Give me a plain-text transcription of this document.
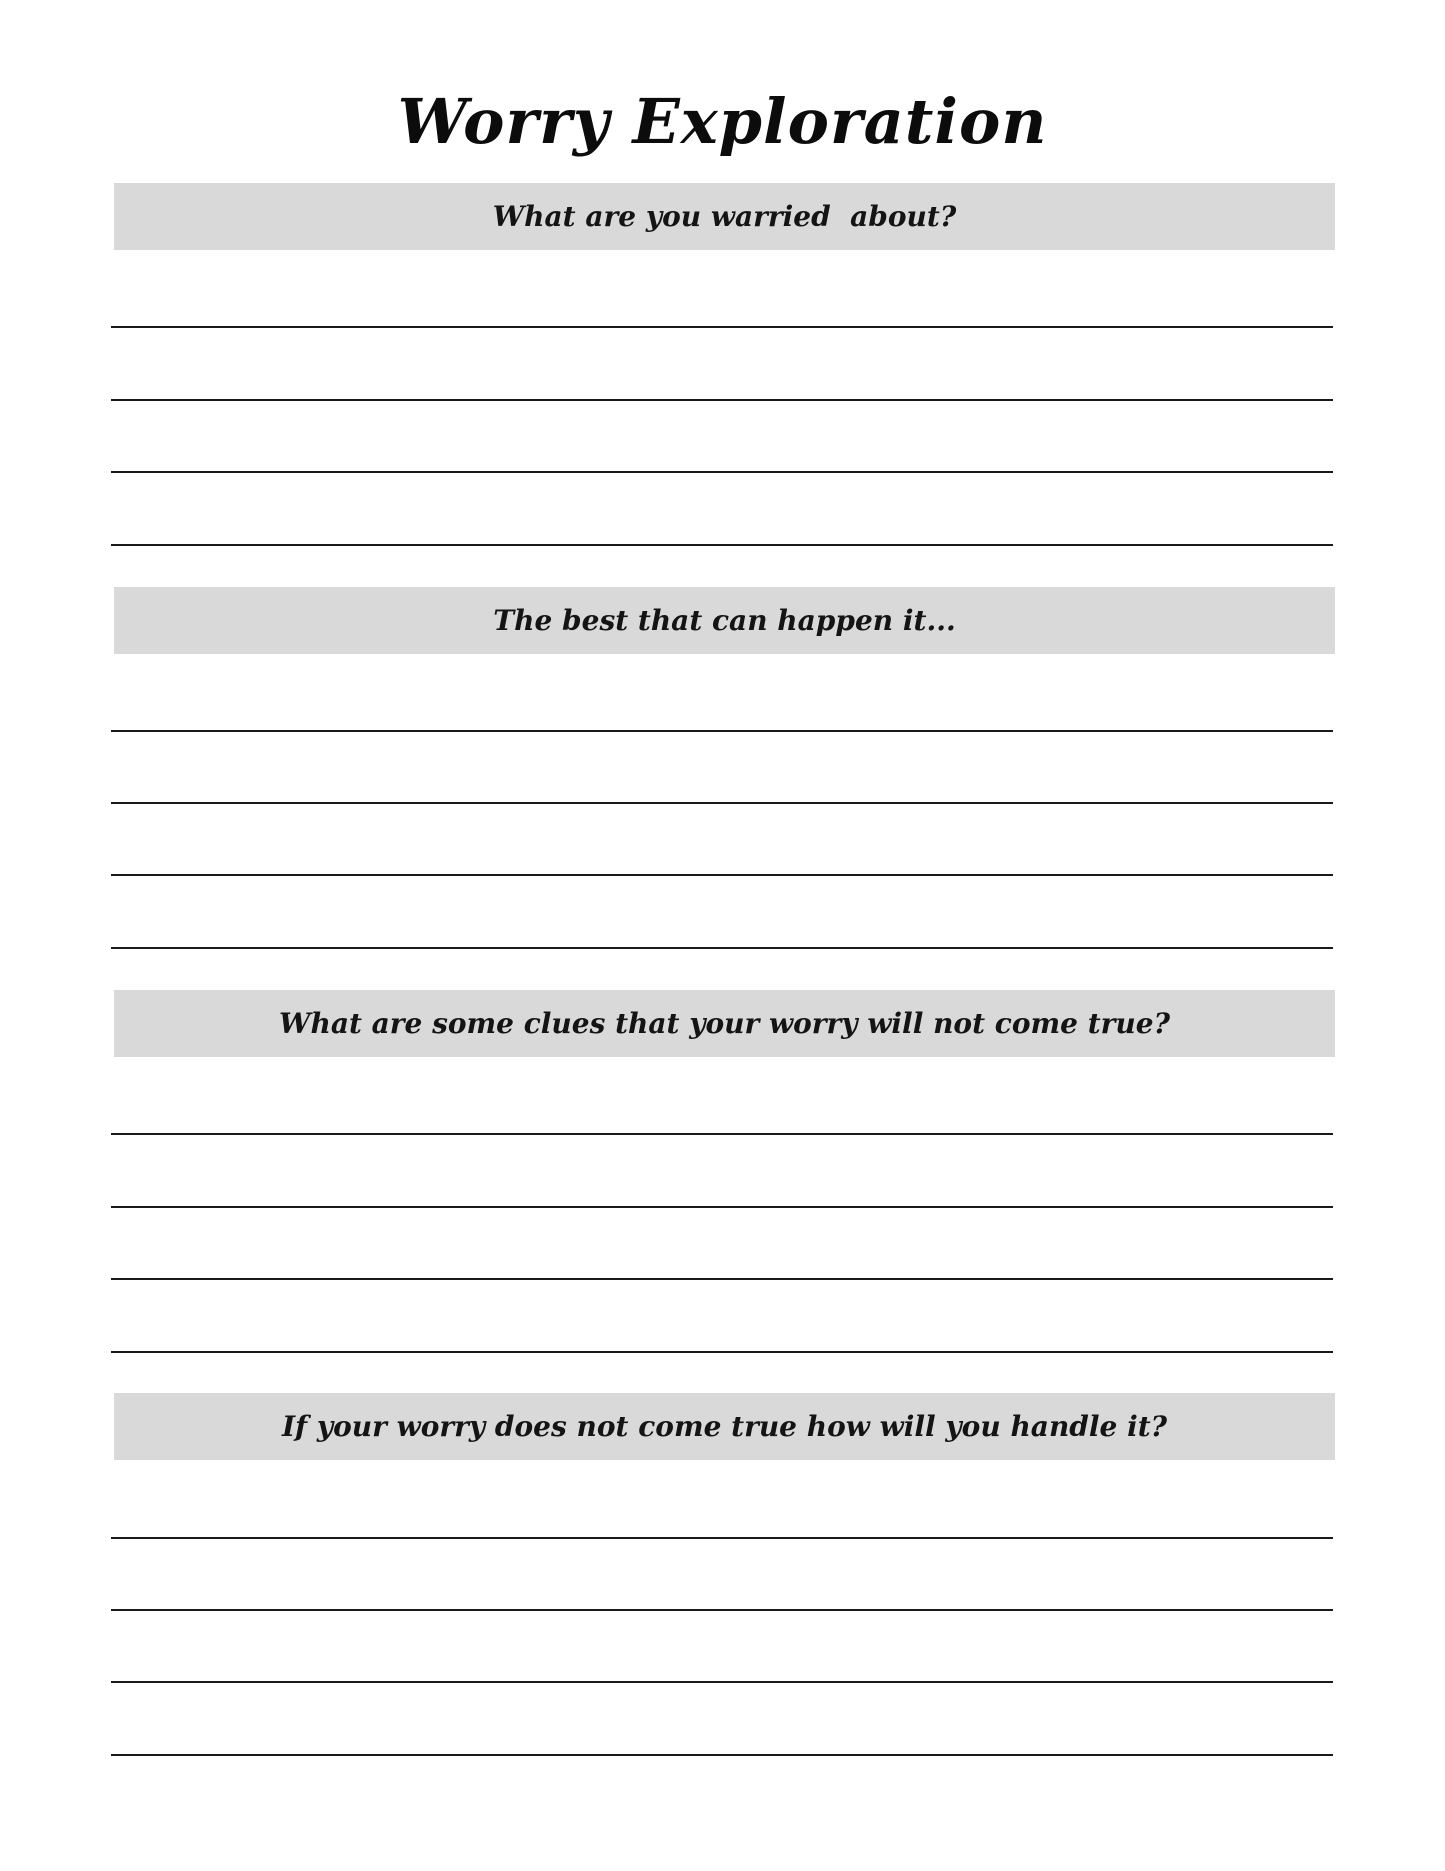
Worry Exploration
What are you warried  about?
The best that can happen it...
What are some clues that your worry will not come true?
If your worry does not come true how will you handle it?
